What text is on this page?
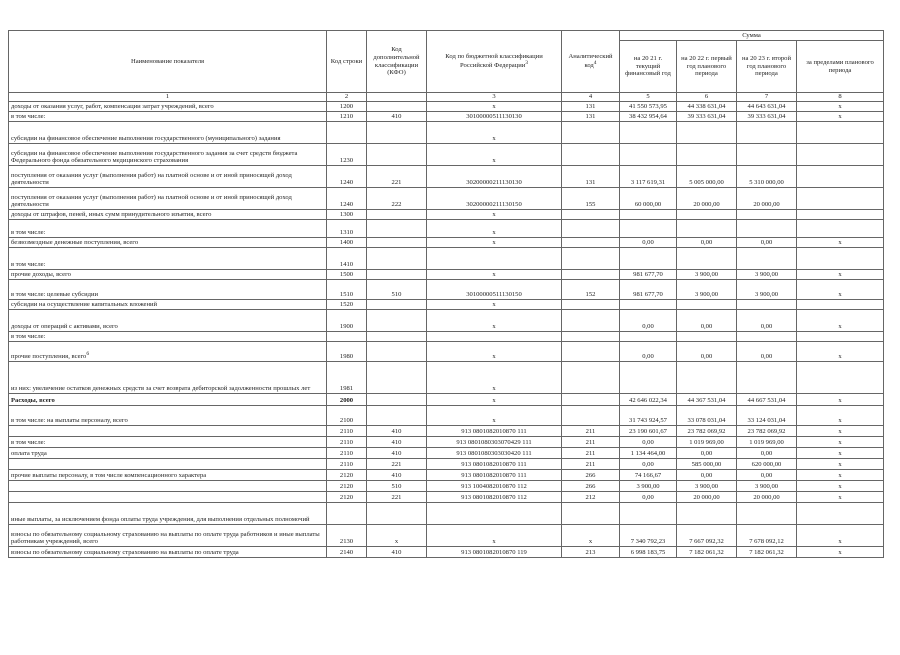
Наименование показателя	Код строки	Код дополнительной классификации (КФО)	Код по бюджетной классификации Российской Федерации$^3$	Аналитический код$^4$	Сумма			
					на 20 21 г. текущий финансовый год	на 20 22 г. первый год планового периода	на 20 23 г. второй год планового периода	за пределами планового периода
1	2		3	4	5	6	7	8
доходы от оказания услуг, работ, компенсации затрат учреждений, всего	1200		х	131	41 550 573,95	44 338 631,04	44 643 631,04	х
в том числе:	1210	410	30100000511130130	131	38 432 954,64	39 333 631,04	39 333 631,04	х
субсидии на финансовое обеспечение выполнения государственного (муниципального) задания			х					
субсидии на финансовое обеспечение выполнения государственного задания за счет средств бюджета Федерального фонда обязательного медицинского страхования	1230		х					
поступления от оказания услуг (выполнения работ) на платной основе и от иной приносящей доход деятельности	1240	221	30200000211130130	131	3 117 619,31	5 005 000,00	5 310 000,00	
поступления от оказания услуг (выполнения работ) на платной основе и от иной приносящей доход деятельности	1240	222	30200000211130150	155	60 000,00	20 000,00	20 000,00	
доходы от штрафов, пеней, иных сумм принудительного изъятия, всего	1300		х					
в том числе:	1310		х					
безвозмездные денежные поступления, всего	1400		х		0,00	0,00	0,00	х
в том числе:	1410							
прочие доходы, всего	1500		х		981 677,70	3 900,00	3 900,00	х
в том числе: целевые субсидии	1510	510	30100000511130150	152	981 677,70	3 900,00	3 900,00	х
субсидии на осуществление капитальных вложений	1520		х					
доходы от операций с активами, всего	1900		х		0,00	0,00	0,00	х
в том числе:								
прочие поступления, всего$^6$	1980		х		0,00	0,00	0,00	х
из них: увеличение остатков денежных средств за счет возврата дебиторской задолженности прошлых лет	1981		х					
Расходы, всего	2000		х		42 646 022,34	44 367 531,04	44 667 531,04	х
в том числе: на выплаты персоналу, всего	2100		х		31 743 924,57	33 078 031,04	33 124 031,04	х
	2110	410	913 0801082010870 111	211	23 190 601,67	23 782 069,92	23 782 069,92	х
в том числе:	2110	410	913 0801080303070429 111	211	0,00	1 019 969,00	1 019 969,00	х
оплата труда	2110	410	913 0801080303030420 111	211	1 134 464,00	0,00	0,00	х
	2110	221	913 0801082010870 111	211	0,00	585 000,00	620 000,00	х
прочие выплаты персоналу, в том числе компенсационного характера	2120	410	913 0801082010870 111	266	74 166,67	0,00	0,00	х
	2120	510	913 1004082010870 112	266	3 900,00	3 900,00	3 900,00	х
	2120	221	913 0801082010870 112	212	0,00	20 000,00	20 000,00	х
иные выплаты, за исключением фонда оплаты труда учреждения, для выполнения отдельных полномочий								
взносы по обязательному социальному страхованию на выплаты по оплате труда работников и иные выплаты работникам учреждений, всего	2130	х	х	х	7 340 792,23	7 667 092,32	7 678 092,12	х
взносы по обязательному социальному страхованию на выплаты по оплате труда	2140	410	913 0801082010870 119	213	6 998 183,75	7 182 061,32	7 182 061,32	х
